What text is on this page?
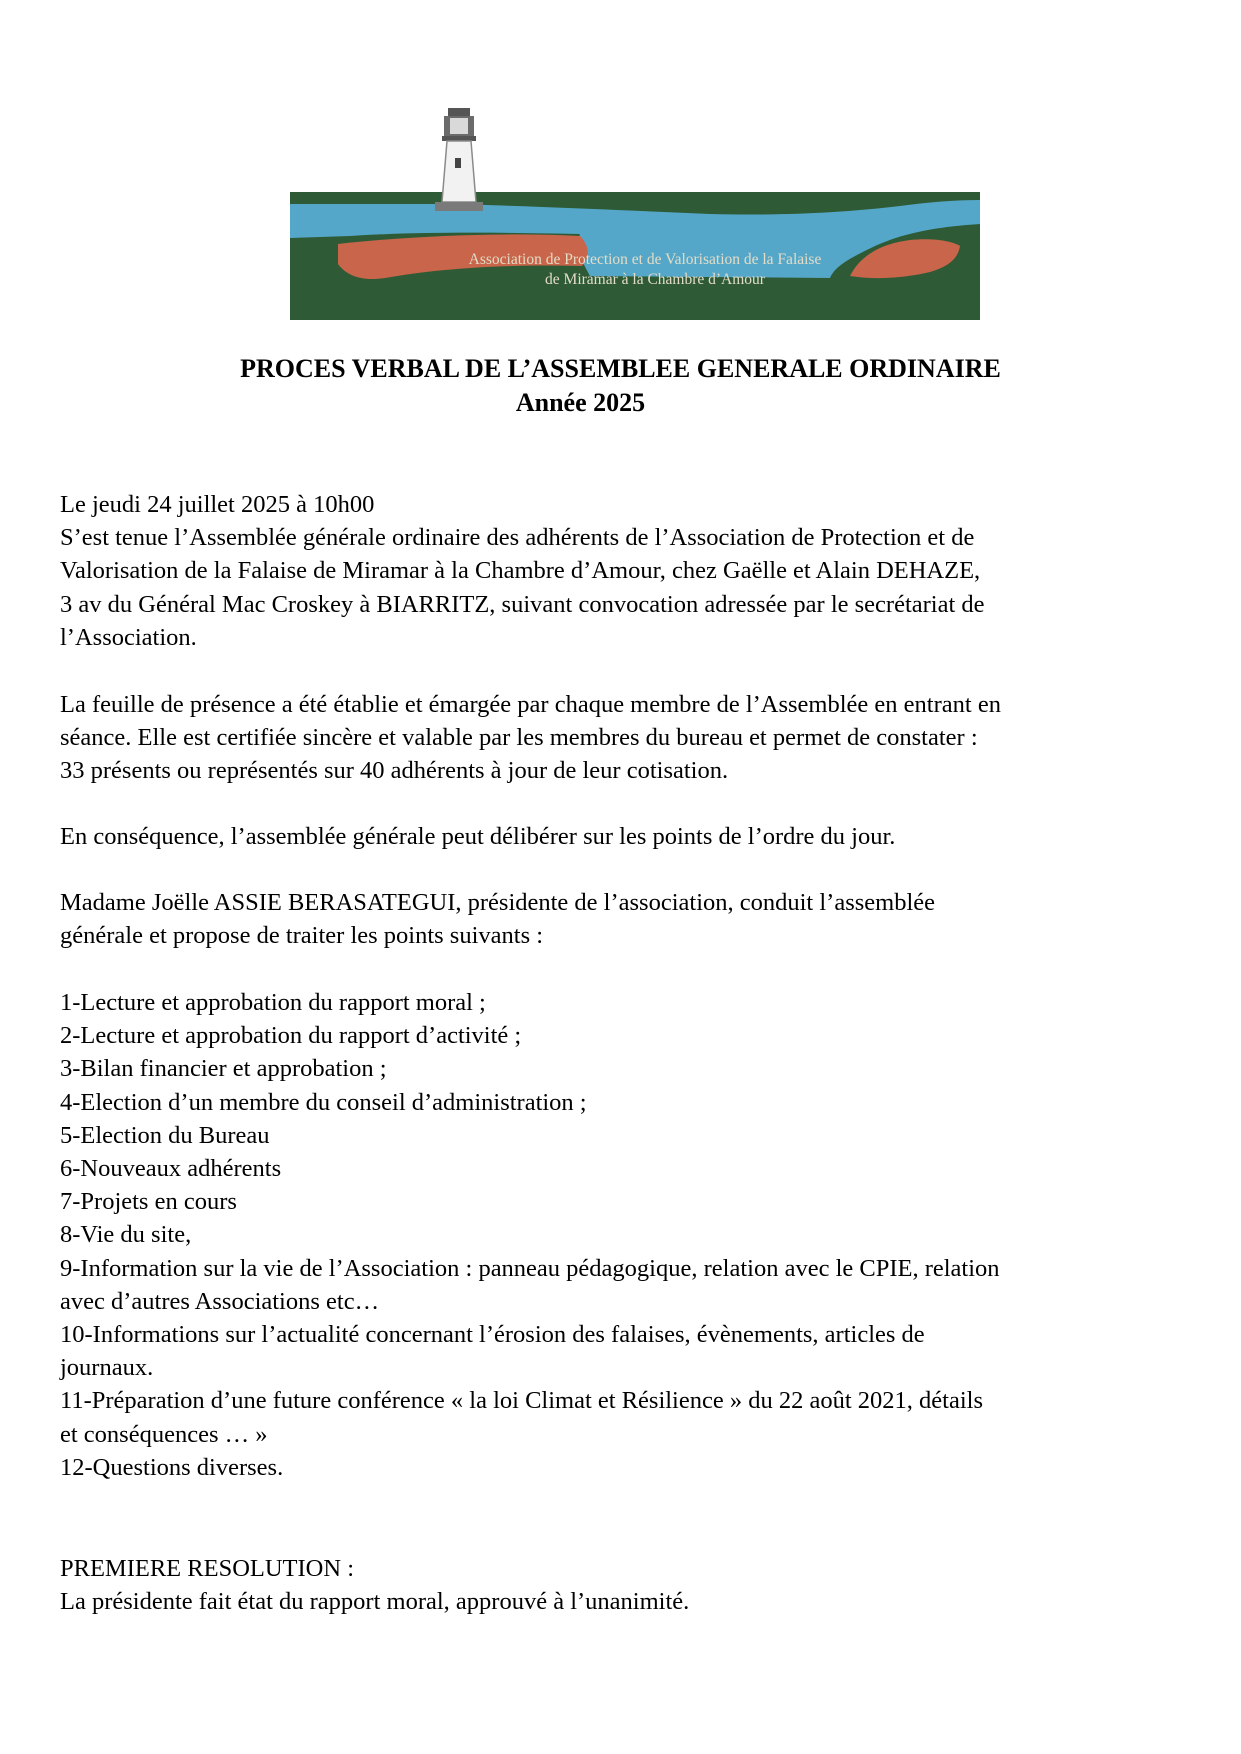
Association de Protection et de Valorisation de la Falaise
de Miramar à la Chambre d’Amour
PROCES VERBAL DE L’ASSEMBLEE GENERALE ORDINAIRE
Année 2025
Le jeudi 24 juillet 2025 à 10h00
S’est tenue l’Assemblée générale ordinaire des adhérents de l’Association de Protection et de
Valorisation de la Falaise de Miramar à la Chambre d’Amour, chez Gaëlle et Alain DEHAZE,
3 av du Général Mac Croskey à BIARRITZ, suivant convocation adressée par le secrétariat de
l’Association.
La feuille de présence a été établie et émargée par chaque membre de l’Assemblée en entrant en
séance. Elle est certifiée sincère et valable par les membres du bureau et permet de constater :
33 présents ou représentés sur 40 adhérents à jour de leur cotisation.
En conséquence, l’assemblée générale peut délibérer sur les points de l’ordre du jour.
Madame Joëlle ASSIE BERASATEGUI, présidente de l’association, conduit l’assemblée
générale et propose de traiter les points suivants :
1-Lecture et approbation du rapport moral ;
2-Lecture et approbation du rapport d’activité ;
3-Bilan financier et approbation ;
4-Election d’un membre du conseil d’administration ;
5-Election du Bureau
6-Nouveaux adhérents
7-Projets en cours
8-Vie du site,
9-Information sur la vie de l’Association : panneau pédagogique, relation avec le CPIE, relation
avec d’autres Associations etc…
10-Informations sur l’actualité concernant l’érosion des falaises, évènements, articles de
journaux.
11-Préparation d’une future conférence « la loi Climat et Résilience » du 22 août 2021, détails
et conséquences … »
12-Questions diverses.
PREMIERE RESOLUTION :
La présidente fait état du rapport moral, approuvé à l’unanimité.
